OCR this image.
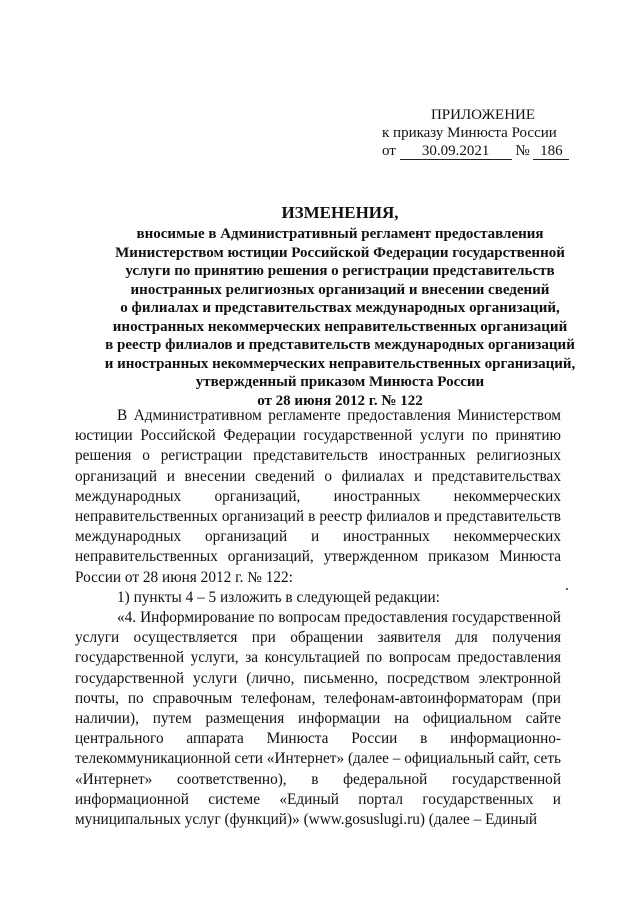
ПРИЛОЖЕНИЕ
к приказу Минюста России
от 30.09.2021 № 186
ИЗМЕНЕНИЯ,
вносимые в Административный регламент предоставления
Министерством юстиции Российской Федерации государственной
услуги по принятию решения о регистрации представительств
иностранных религиозных организаций и внесении сведений
о филиалах и представительствах международных организаций,
иностранных некоммерческих неправительственных организаций
в реестр филиалов и представительств международных организаций
и иностранных некоммерческих неправительственных организаций,
утвержденный приказом Минюста России
от 28 июня 2012 г. № 122

В Административном регламенте предоставления Министерством юстиции Российской Федерации государственной услуги по принятию решения о регистрации представительств иностранных религиозных организаций и внесении сведений о филиалах и представительствах международных организаций, иностранных некоммерческих неправительственных организаций в реестр филиалов и представительств международных организаций и иностранных некоммерческих неправительственных организаций, утвержденном приказом Минюста России от 28 июня 2012 г. № 122:

1) пункты 4 – 5 изложить в следующей редакции:

«4. Информирование по вопросам предоставления государственной услуги осуществляется при обращении заявителя для получения государственной услуги, за консультацией по вопросам предоставления государственной услуги (лично, письменно, посредством электронной почты, по справочным телефонам, телефонам-автоинформаторам (при наличии), путем размещения информации на официальном сайте центрального аппарата Минюста России в информационно-телекоммуникационной сети «Интернет» (далее – официальный сайт, сеть «Интернет» соответственно), в федеральной государственной информационной системе «Единый портал государственных и муниципальных услуг (функций)» (www.gosuslugi.ru) (далее – Единый
